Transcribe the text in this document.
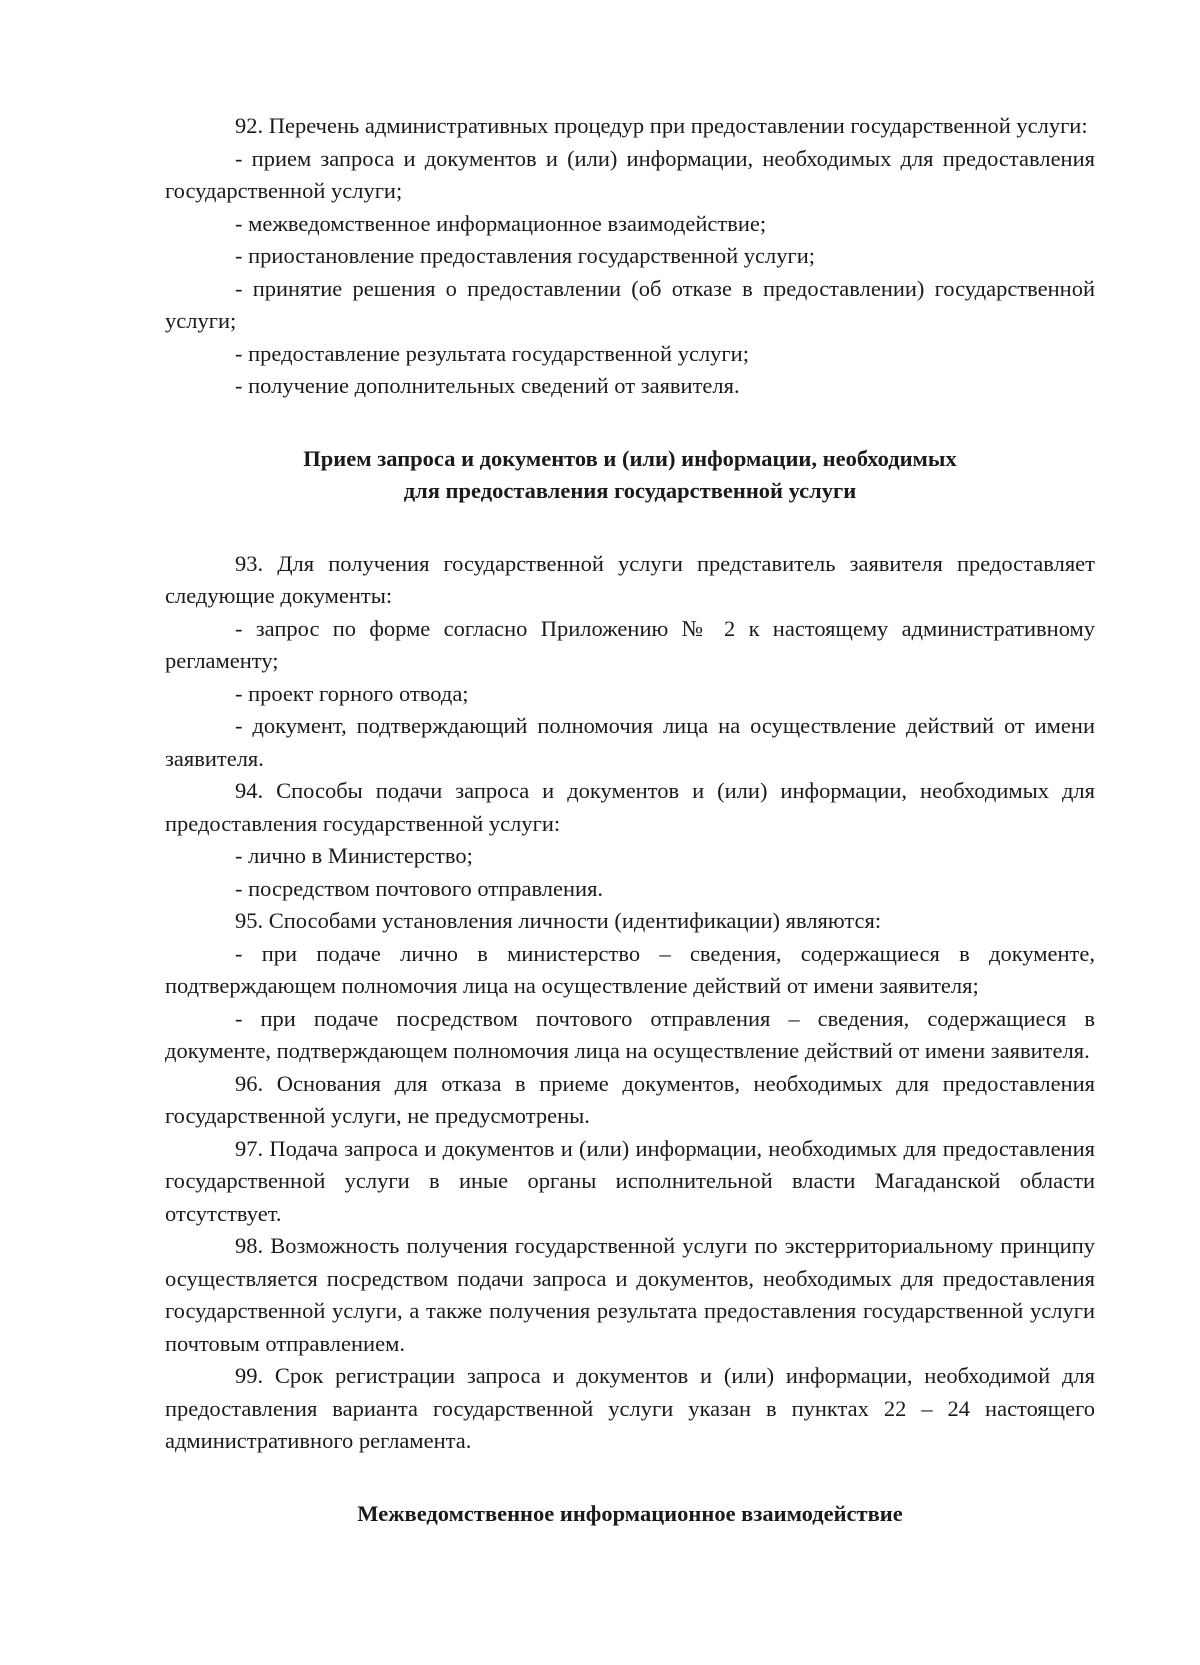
92. Перечень административных процедур при предоставлении государственной услуги:

- прием запроса и документов и (или) информации, необходимых для предоставления государственной услуги;

- межведомственное информационное взаимодействие;

- приостановление предоставления государственной услуги;

- принятие решения о предоставлении (об отказе в предоставлении) государственной услуги;

- предоставление результата государственной услуги;

- получение дополнительных сведений от заявителя.

Прием запроса и документов и (или) информации, необходимых
для предоставления государственной услуги

93. Для получения государственной услуги представитель заявителя предоставляет следующие документы:

- запрос по форме согласно Приложению № 2 к настоящему административному регламенту;

- проект горного отвода;

- документ, подтверждающий полномочия лица на осуществление действий от имени заявителя.

94. Способы подачи запроса и документов и (или) информации, необходимых для предоставления государственной услуги:

- лично в Министерство;

- посредством почтового отправления.

95. Способами установления личности (идентификации) являются:

- при подаче лично в министерство – сведения, содержащиеся в документе, подтверждающем полномочия лица на осуществление действий от имени заявителя;

- при подаче посредством почтового отправления – сведения, содержащиеся в документе, подтверждающем полномочия лица на осуществление действий от имени заявителя.

96. Основания для отказа в приеме документов, необходимых для предоставления государственной услуги, не предусмотрены.

97. Подача запроса и документов и (или) информации, необходимых для предоставления государственной услуги в иные органы исполнительной власти Магаданской области отсутствует.

98. Возможность получения государственной услуги по экстерриториальному принципу осуществляется посредством подачи запроса и документов, необходимых для предоставления государственной услуги, а также получения результата предоставления государственной услуги почтовым отправлением.

99. Срок регистрации запроса и документов и (или) информации, необходимой для предоставления варианта государственной услуги указан в пунктах 22 – 24 настоящего административного регламента.

Межведомственное информационное взаимодействие
